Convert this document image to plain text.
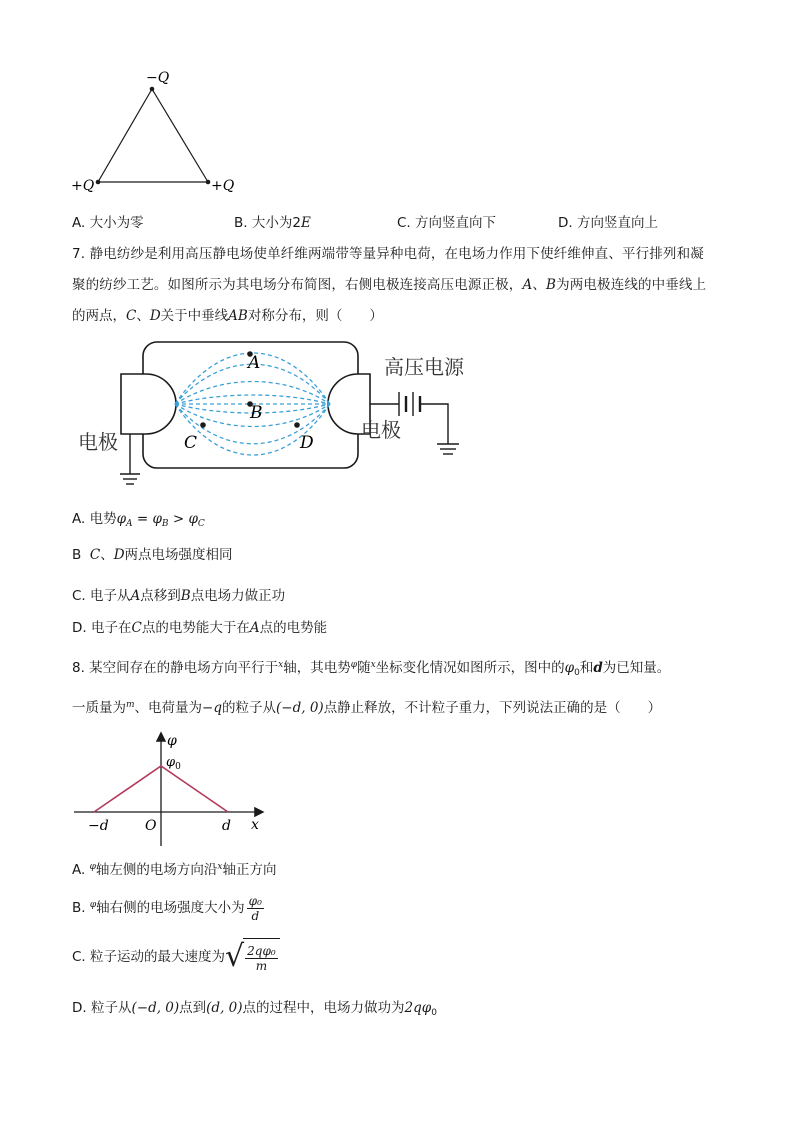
−Q
+Q	+Q
A. 大小为零	B. 大小为2E	C. 方向竖直向下	D. 方向竖直向上
7. 静电纺纱是利用高压静电场使单纤维两端带等量异种电荷，在电场力作用下使纤维伸直、平行排列和凝
聚的纺纱工艺。如图所示为其电场分布简图，右侧电极连接高压电源正极，A、B为两电极连线的中垂线上
的两点，C、D关于中垂线AB对称分布，则（　　）
A
B
C	D
高压电源
电极	电极
A. 电势$\varphi_A = \varphi_B > \varphi_C$
B C、D两点电场强度相同
C. 电子从A点移到B点电场力做正功
D. 电子在C点的电势能大于在A点的电势能
8. 某空间存在的静电场方向平行于$^x$轴，其电势$^\varphi$随$^x$坐标变化情况如图所示，图中的$\varphi_0$和d为已知量。
一质量为$^m$、电荷量为−q的粒子从(−d, 0)点静止释放，不计粒子重力，下列说法正确的是（　　）
φ
$\varphi_0$
−d	O	d x
A. $^\varphi$轴左侧的电场方向沿$^x$轴正方向
B. $^\varphi$轴右侧的电场强度大小为 $\frac{\text{φ₀}}{d}$
C. 粒子运动的最大速度为 √ $\frac{\text{2qφ₀}}{m}$
D. 粒子从(−d, 0)点到(d, 0)点的过程中，电场力做功为$2q\varphi_0$
